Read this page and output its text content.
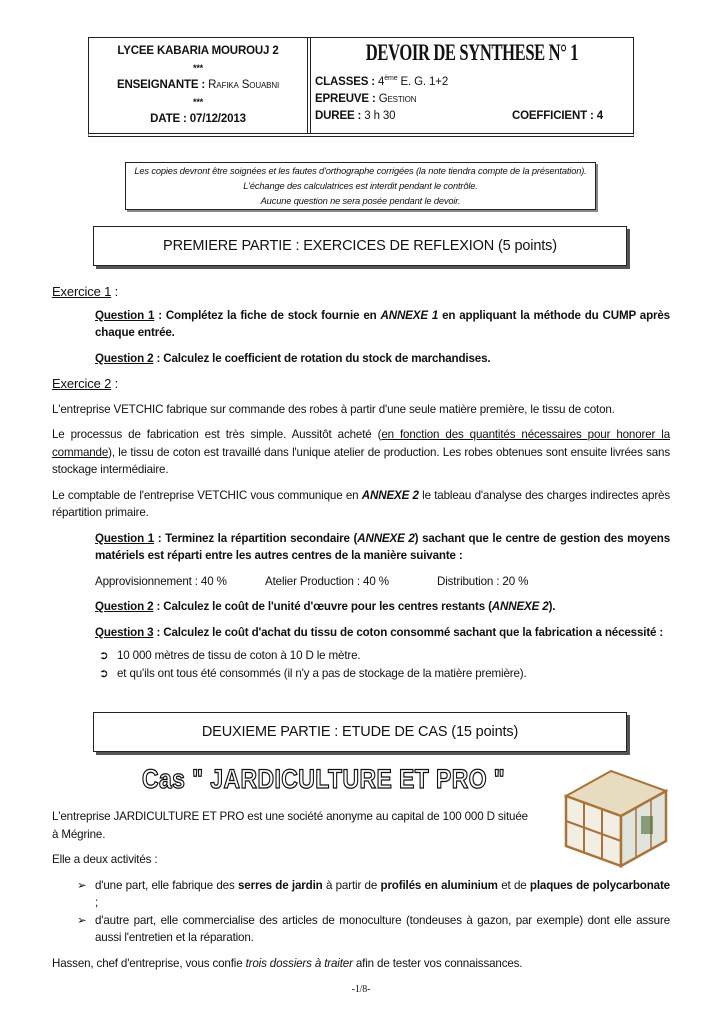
LYCEE KABARIA MOUROUJ 2
***
ENSEIGNANTE : Rafika Souabni
***
DATE : 07/12/2013
DEVOIR DE SYNTHESE N° 1
CLASSES : 4ème E. G. 1+2
EPREUVE : Gestion
DUREE : 3 h 30	COEFFICIENT : 4
Les copies devront être soignées et les fautes d'orthographe corrigées (la note tiendra compte de la présentation).
L'échange des calculatrices est interdit pendant le contrôle.
Aucune question ne sera posée pendant le devoir.
PREMIERE PARTIE : EXERCICES DE REFLEXION (5 points)
Exercice 1 :
Question 1 : Complétez la fiche de stock fournie en ANNEXE 1 en appliquant la méthode du CUMP après chaque entrée.
Question 2 : Calculez le coefficient de rotation du stock de marchandises.
Exercice 2 :
L'entreprise VETCHIC fabrique sur commande des robes à partir d'une seule matière première, le tissu de coton.
Le processus de fabrication est très simple. Aussitôt acheté (en fonction des quantités nécessaires pour honorer la commande), le tissu de coton est travaillé dans l'unique atelier de production. Les robes obtenues sont ensuite livrées sans stockage intermédiaire.
Le comptable de l'entreprise VETCHIC vous communique en ANNEXE 2 le tableau d'analyse des charges indirectes après répartition primaire.
Question 1 : Terminez la répartition secondaire (ANNEXE 2) sachant que le centre de gestion des moyens matériels est réparti entre les autres centres de la manière suivante :
Approvisionnement : 40 %	Atelier Production : 40 %	Distribution : 20 %
Question 2 : Calculez le coût de l'unité d'œuvre pour les centres restants (ANNEXE 2).
Question 3 : Calculez le coût d'achat du tissu de coton consommé sachant que la fabrication a nécessité :
➲ 10 000 mètres de tissu de coton à 10 D le mètre.
➲ et qu'ils ont tous été consommés (il n'y a pas de stockage de la matière première).
DEUXIEME PARTIE : ETUDE DE CAS (15 points)
Cas " JARDICULTURE ET PRO "
L'entreprise JARDICULTURE ET PRO est une société anonyme au capital de 100 000 D située à Mégrine.
Elle a deux activités :
➢ d'une part, elle fabrique des serres de jardin à partir de profilés en aluminium et de plaques de polycarbonate ;
➢ d'autre part, elle commercialise des articles de monoculture (tondeuses à gazon, par exemple) dont elle assure aussi l'entretien et la réparation.
Hassen, chef d'entreprise, vous confie trois dossiers à traiter afin de tester vos connaissances.
-1/8-
